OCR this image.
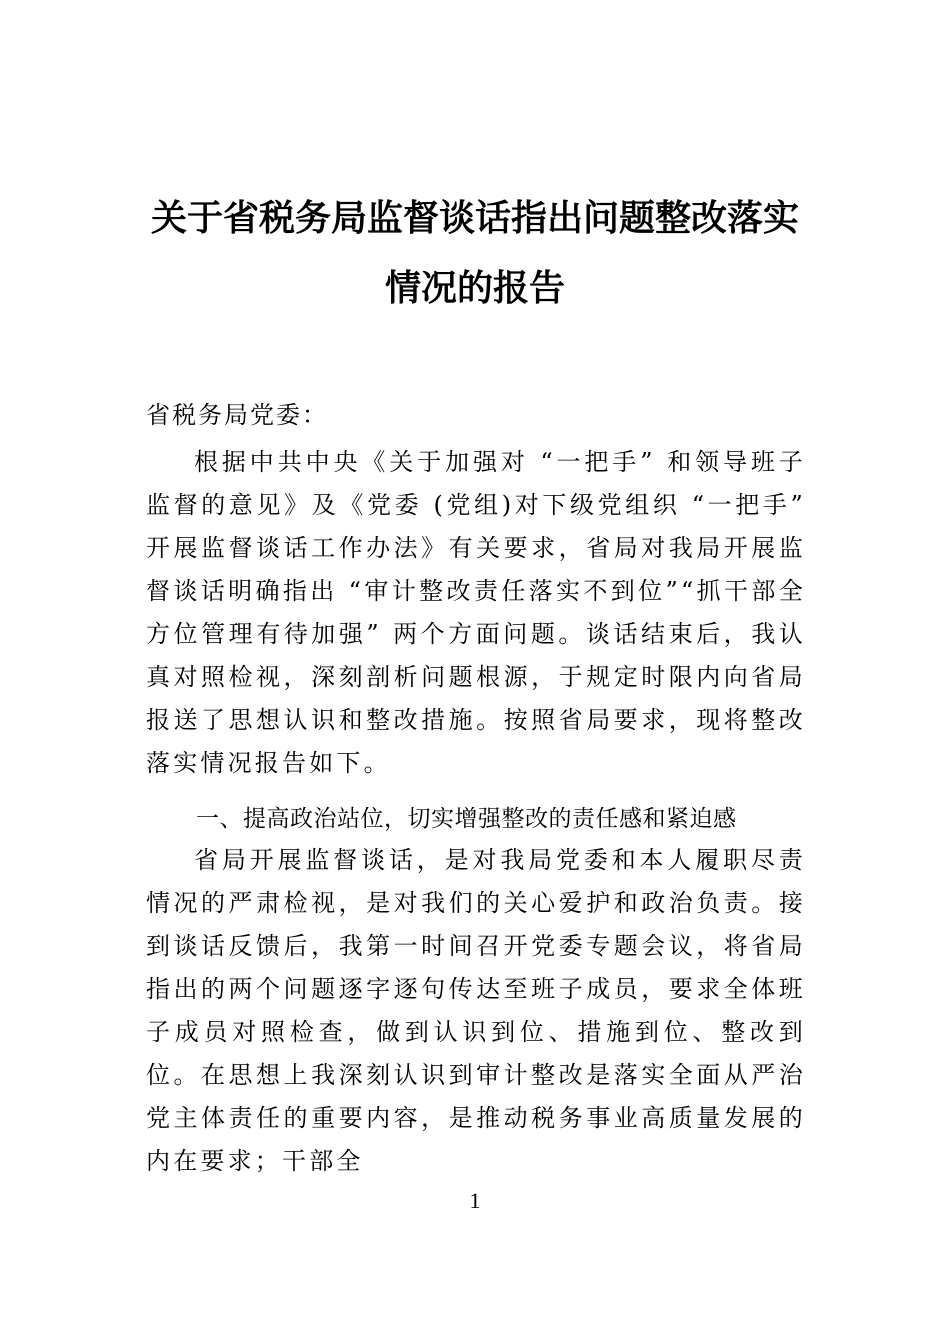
关于省税务局监督谈话指出问题整改落实
情况的报告
省税务局党委：

根据中共中央《关于加强对 “一把手” 和领导班子监督的意见》及《党委 (党组)对下级党组织 “一把手” 开展监督谈话工作办法》有关要求，省局对我局开展监督谈话明确指出 “审计整改责任落实不到位”“抓干部全方位管理有待加强” 两个方面问题。谈话结束后，我认真对照检视，深刻剖析问题根源，于规定时限内向省局报送了思想认识和整改措施。按照省局要求，现将整改落实情况报告如下。

一、提高政治站位，切实增强整改的责任感和紧迫感

省局开展监督谈话，是对我局党委和本人履职尽责情况的严肃检视，是对我们的关心爱护和政治负责。接到谈话反馈后，我第一时间召开党委专题会议，将省局指出的两个问题逐字逐句传达至班子成员，要求全体班子成员对照检查，做到认识到位、措施到位、整改到位。在思想上我深刻认识到审计整改是落实全面从严治党主体责任的重要内容，是推动税务事业高质量发展的内在要求；干部全

1
